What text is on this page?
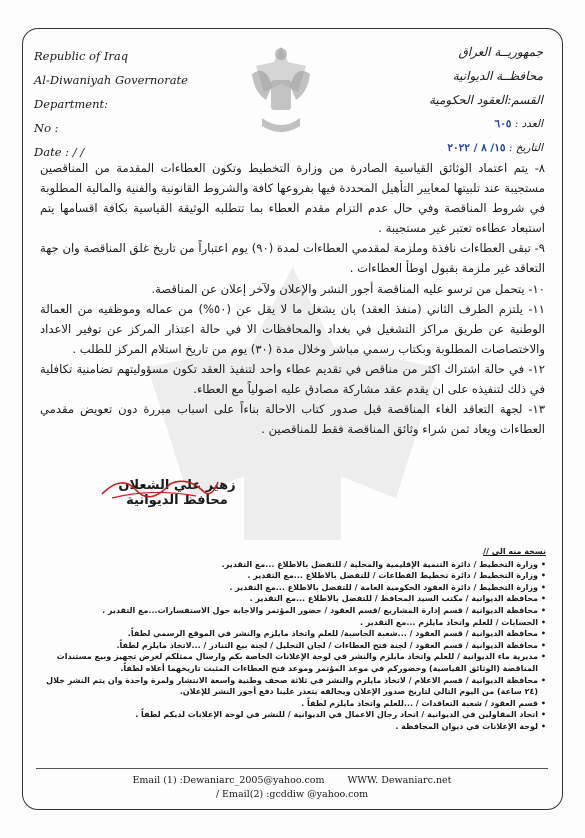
Republic of Iraq
Al-Diwaniyah Governorate
Department:
No :
Date : / /
جمهوريــة العراق
محافظــة الديوانية
القسم:العقود الحكومية
العدد : ٦٠٥
التاريخ : ١٥/ ٨ / ٢٠٢٢

٨- يتم اعتماد الوثائق القياسية الصادرة من وزارة التخطيط وتكون العطاءات المقدمة من المناقصين مستجيبة عند تلبيتها لمعايير التأهيل المحددة فيها بفروعها كافة والشروط القانونية والفنية والمالية المطلوبة في شروط المناقصة وفي حال عدم التزام مقدم العطاء بما تتطلبه الوثيقة القياسية بكافة اقسامها يتم استبعاد عطاءه تعتبر غير مستجيبة .

٩- تبقى العطاءات نافذة وملزمة لمقدمي العطاءات لمدة (٩٠) يوم اعتباراً من تاريخ غلق المناقصة وان جهة التعاقد غير ملزمة بقبول اوطأ العطاءات .

١٠- يتحمل من ترسو عليه المناقصة أجور النشر والإعلان ولآخر إعلان عن المناقصة.

١١- يلتزم الطرف الثاني (منفذ العقد) بان يشغل ما لا يقل عن (٥٠%) من عماله وموظفيه من العمالة الوطنية عن طريق مراكز التشغيل في بغداد والمحافظات الا في حالة اعتذار المركز عن توفير الاعداد والاختصاصات المطلوبة وبكتاب رسمي مباشر وخلال مدة (٣٠) يوم من تاريخ استلام المركز للطلب .

١٢- في حالة اشتراك اكثر من مناقص في تقديم عطاء واحد لتنفيذ العقد تكون مسؤوليتهم تضامنية تكافلية في ذلك لتنفيذه على ان يقدم عقد مشاركة مصادق عليه اصولياً مع العطاء.

١٣- لجهة التعاقد الغاء المناقصة قبل صدور كتاب الاحالة بناءاً على اسباب مبررة دون تعويض مقدمي العطاءات ويعاد ثمن شراء وثائق المناقصة فقط للمناقصين .

زهير علي الشعلان
محافظ الديوانية
نسخة منه الى //
• وزارة التخطيط / دائرة التنمية الإقليمية والمحلية / للتفضل بالاطلاع ...مع التقدير.
• وزارة التخطيط / دائرة تخطيط القطاعات / للتفضل بالاطلاع ...مع التقدير .
• وزارة التخطيط / دائرة العقود الحكومية العامة / للتفضل بالاطلاع ...مع التقدير .
• محافظة الديوانية / مكتب السيد المحافظ / للتفضل بالاطلاع ...مع التقدير .
• محافظة الديوانية / قسم إدارة المشاريع /قسم العقود / حضور المؤتمر والاجابة حول الاستفسارات...مع التقدير .
• الحسابات / للعلم واتخاذ مايلزم ...مع التقدير .
• محافظة الديوانية / قسم العقود / ...شعبة الحاسبة/ للعلم واتخاذ مايلزم والنشر في الموقع الرسمي لطفاً.
• محافظة الديوانية / قسم العقود / لجنة فتح العطاءات / لجان التحليل / لجنة بيع التنادر / ...لاتخاذ مايلزم لطفاً.
• مديرية ماء الديوانية / للعلم واتخاذ مايلزم والنشر في لوحة الإعلانات الخاصة بكم وارسال ممثلكم لغرض تجهيز وبيع مستندات المناقصة (الوثائق القياسية) وحضوركم في موعد المؤتمر وموعد فتح العطاءات المثبت تاريخهما أعلاه لطفاً.
• محافظة الديوانية / قسم الاعلام / لاتخاذ مايلزم والنشر في ثلاثة صحف وطنية واسعة الانتشار ولمرة واحدة وان يتم النشر خلال (٢٤ ساعة) من اليوم التالي لتاريخ صدور الإعلان ويخالفه يتعذر علينا دفع أجور النشر للإعلان.
• قسم العقود / شعبة التعاقدات / ...للعلم واتخاذ مايلزم لطفاً .
• اتحاد المقاولين في الديوانية / اتحاد رجال الاعمال في الديوانية / للنشر في لوحة الإعلانات لديكم لطفاً .
• لوحة الإعلانات في ديوان المحافظة .
Email (1) :Dewaniarc_2005@yahoo.com WWW. Dewaniarc.net
/ Email(2) :gcddiw @yahoo.com
